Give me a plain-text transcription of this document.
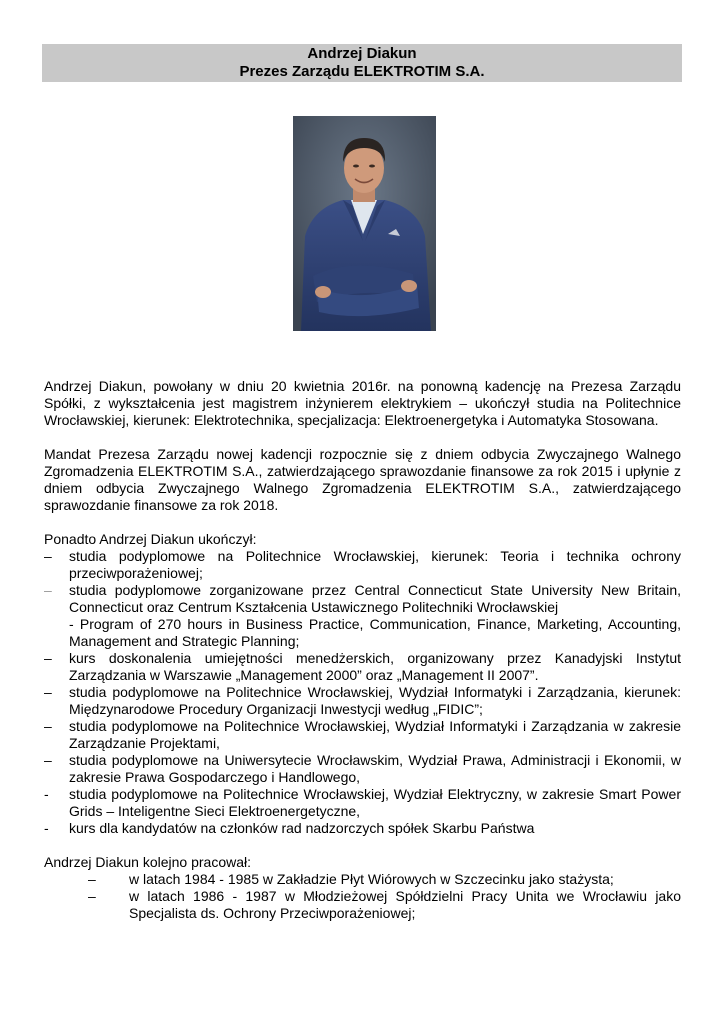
Andrzej Diakun
Prezes Zarządu ELEKTROTIM S.A.

Andrzej Diakun, powołany w dniu 20 kwietnia 2016r. na ponowną kadencję na Prezesa Zarządu Spółki, z wykształcenia jest magistrem inżynierem elektrykiem – ukończył studia na Politechnice Wrocławskiej, kierunek: Elektrotechnika, specjalizacja: Elektroenergetyka i Automatyka Stosowana.

Mandat Prezesa Zarządu nowej kadencji rozpocznie się z dniem odbycia Zwyczajnego Walnego Zgromadzenia ELEKTROTIM S.A., zatwierdzającego sprawozdanie finansowe za rok 2015 i upłynie z dniem odbycia Zwyczajnego Walnego Zgromadzenia ELEKTROTIM S.A., zatwierdzającego sprawozdanie finansowe za rok 2018.

Ponadto Andrzej Diakun ukończył:
–	studia podyplomowe na Politechnice Wrocławskiej, kierunek: Teoria i technika ochrony przeciwporażeniowej;
–	studia podyplomowe zorganizowane przez Central Connecticut State University New Britain, Connecticut oraz Centrum Kształcenia Ustawicznego Politechniki Wrocławskiej
- Program of 270 hours in Business Practice, Communication, Finance, Marketing, Accounting, Management and Strategic Planning;
–	kurs doskonalenia umiejętności menedżerskich, organizowany przez Kanadyjski Instytut Zarządzania w Warszawie „Management 2000” oraz „Management II 2007”.
–	studia podyplomowe na Politechnice Wrocławskiej, Wydział Informatyki i Zarządzania, kierunek: Międzynarodowe Procedury Organizacji Inwestycji według „FIDIC”;
–	studia podyplomowe na Politechnice Wrocławskiej, Wydział Informatyki i Zarządzania w zakresie Zarządzanie Projektami,
–	studia podyplomowe na Uniwersytecie Wrocławskim, Wydział Prawa, Administracji i Ekonomii, w zakresie Prawa Gospodarczego i Handlowego,
-	studia podyplomowe na Politechnice Wrocławskiej, Wydział Elektryczny, w zakresie Smart Power Grids – Inteligentne Sieci Elektroenergetyczne,
-	kurs dla kandydatów na członków rad nadzorczych spółek Skarbu Państwa
Andrzej Diakun kolejno pracował:
–	w latach 1984 - 1985 w Zakładzie Płyt Wiórowych w Szczecinku jako stażysta;
–	w latach 1986 - 1987 w Młodzieżowej Spółdzielni Pracy Unita we Wrocławiu jako Specjalista ds. Ochrony Przeciwporażeniowej;
